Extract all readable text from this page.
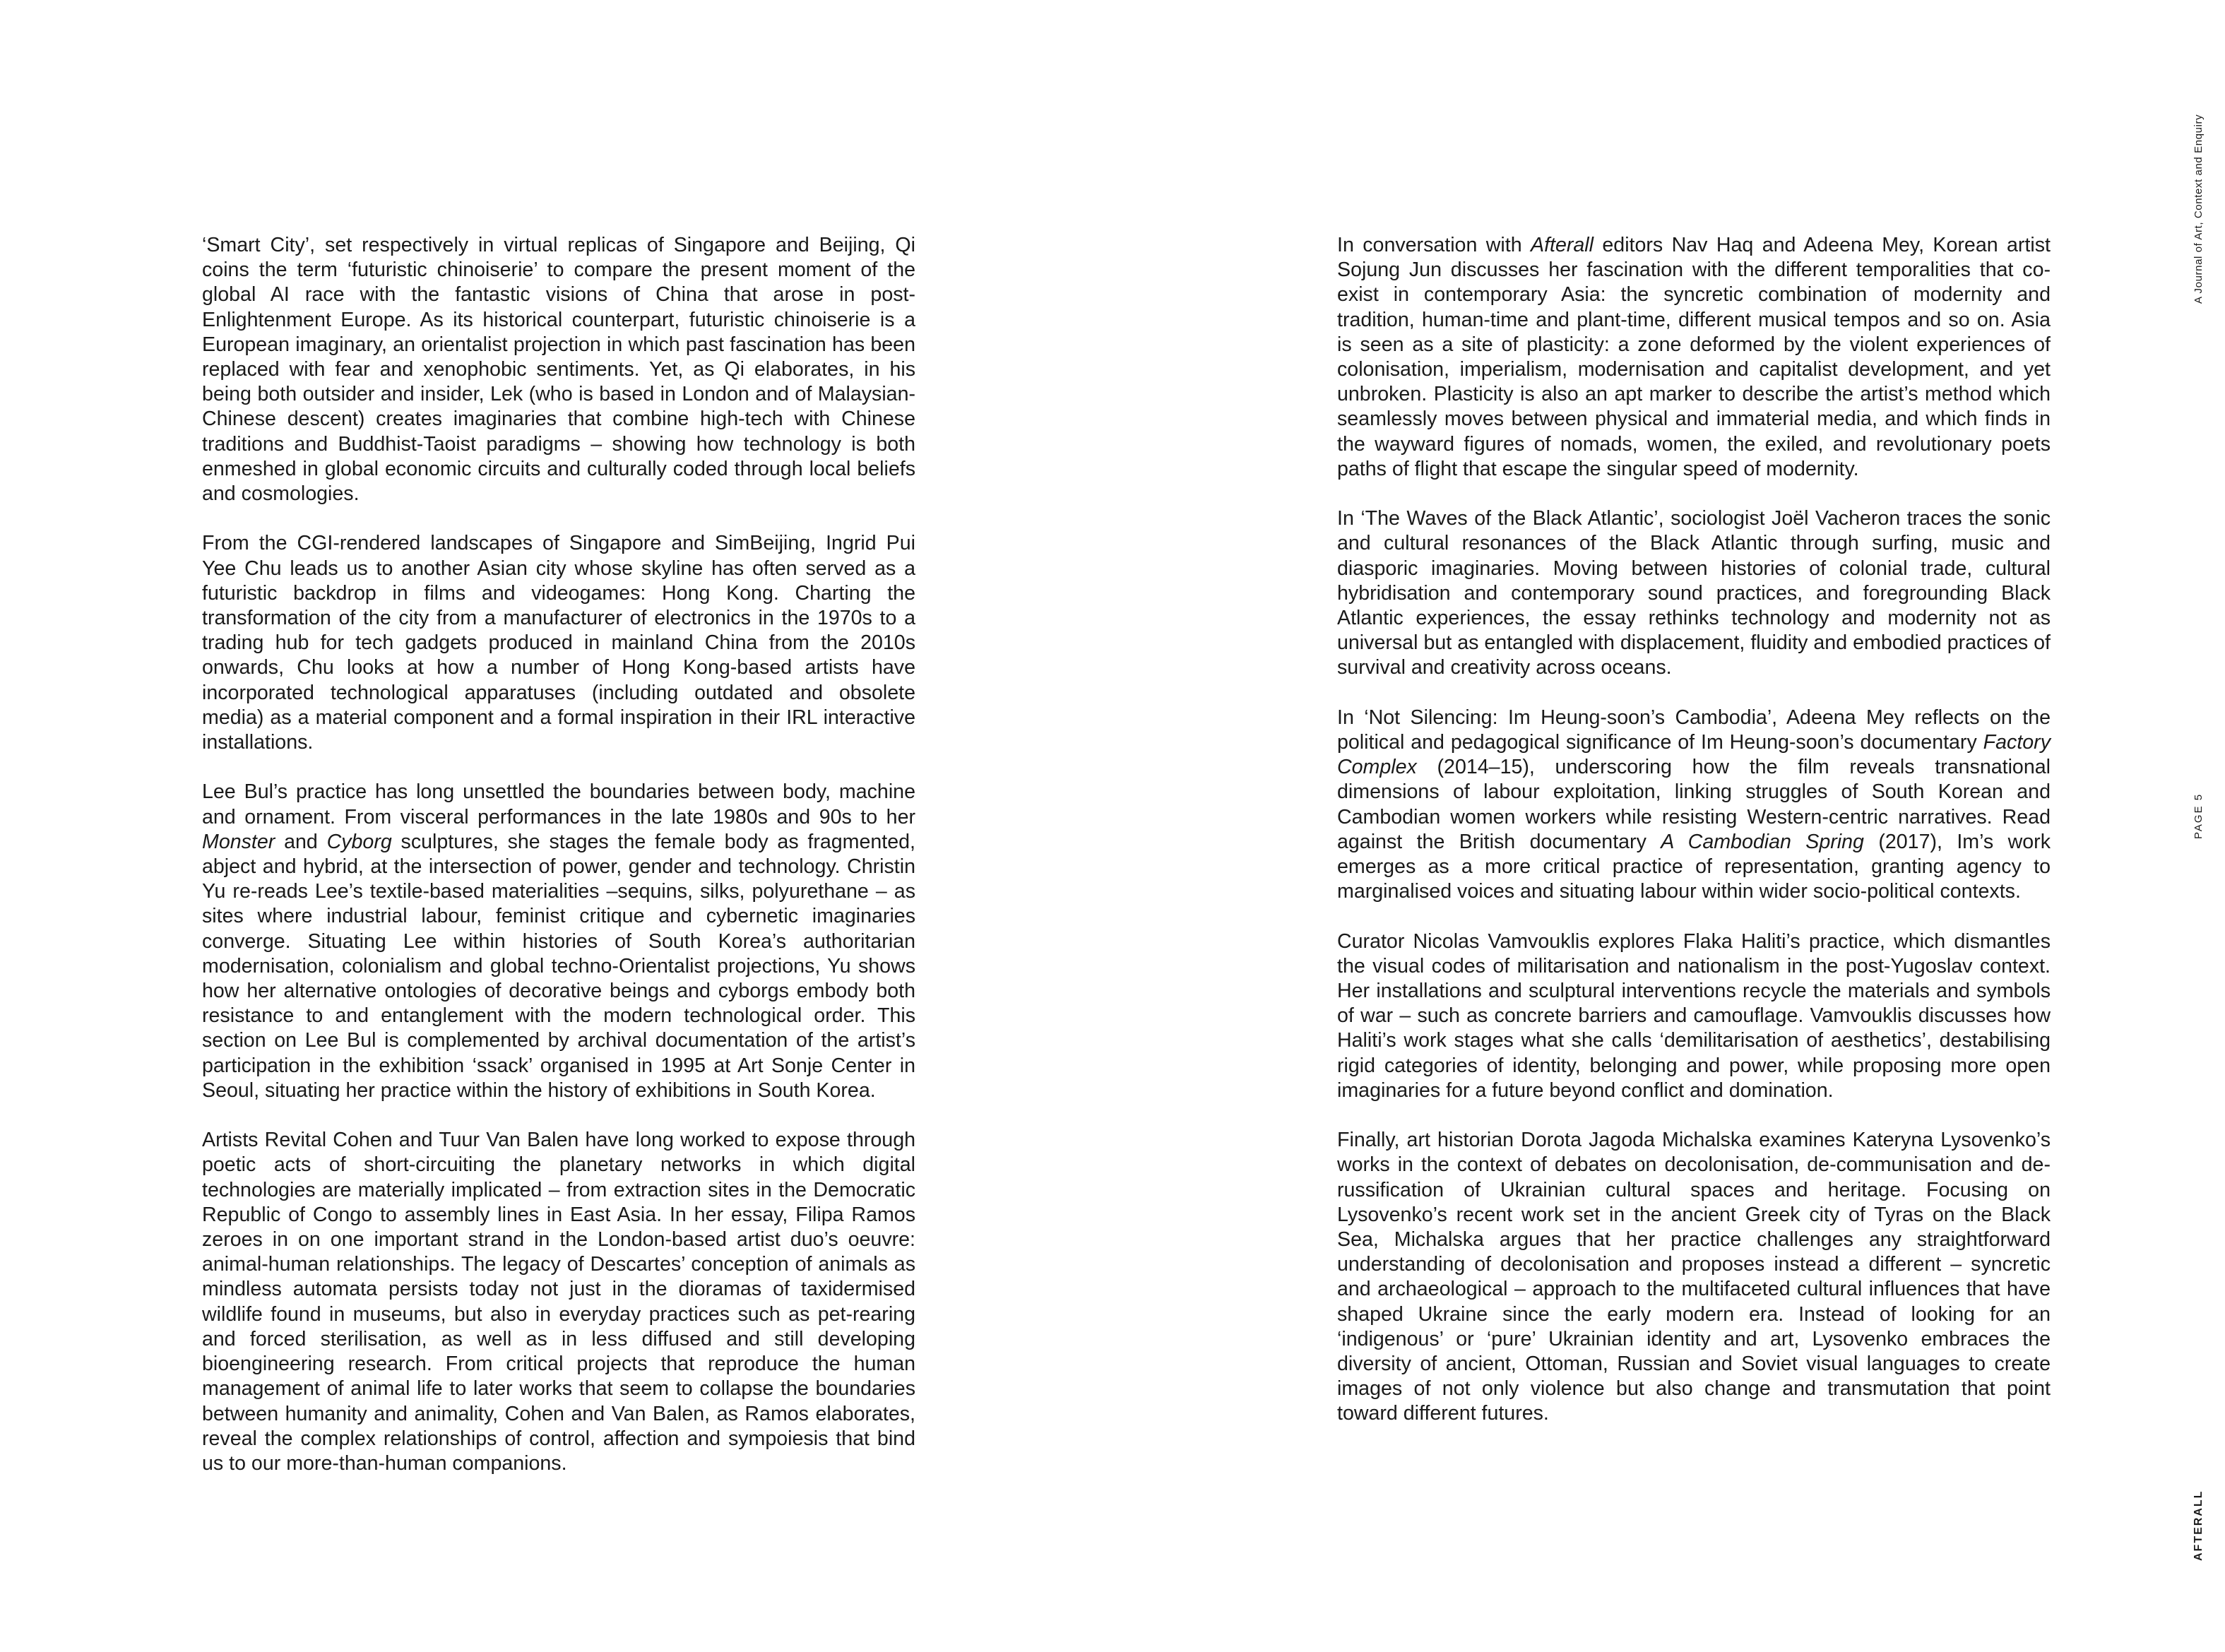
‘Smart City’, set respectively in virtual replicas of Singapore and Beijing, Qi coins the term ‘futuristic chinoiserie’ to compare the present moment of the global AI race with the fantastic visions of China that arose in post-Enlightenment Europe. As its historical counterpart, futuristic chinoiserie is a European imaginary, an orientalist projection in which past fascination has been replaced with fear and xenophobic sentiments. Yet, as Qi elaborates, in his being both outsider and insider, Lek (who is based in London and of Malaysian-Chinese descent) creates imaginaries that combine high-tech with Chinese traditions and Buddhist-Taoist paradigms – showing how technology is both enmeshed in global economic circuits and culturally coded through local beliefs and cosmologies.

From the CGI-rendered landscapes of Singapore and SimBeijing, Ingrid Pui Yee Chu leads us to another Asian city whose skyline has often served as a futuristic backdrop in films and videogames: Hong Kong. Charting the transformation of the city from a manufacturer of electronics in the 1970s to a trading hub for tech gadgets produced in mainland China from the 2010s onwards, Chu looks at how a number of Hong Kong-based artists have incorporated technological apparatuses (including outdated and obsolete media) as a material component and a formal inspiration in their IRL interactive installations.

Lee Bul’s practice has long unsettled the boundaries between body, machine and ornament. From visceral performances in the late 1980s and 90s to her Monster and Cyborg sculptures, she stages the female body as fragmented, abject and hybrid, at the intersection of power, gender and technology. Christin Yu re-reads Lee’s textile-based materialities –sequins, silks, polyurethane – as sites where industrial labour, feminist critique and cybernetic imaginaries converge. Situating Lee within histories of South Korea’s authoritarian modernisation, colonialism and global techno-Orientalist projections, Yu shows how her alternative ontologies of decorative beings and cyborgs embody both resistance to and entanglement with the modern technological order. This section on Lee Bul is complemented by archival documentation of the artist’s participation in the exhibition ‘ssack’ organised in 1995 at Art Sonje Center in Seoul, situating her practice within the history of exhibitions in South Korea.

Artists Revital Cohen and Tuur Van Balen have long worked to expose through poetic acts of short-circuiting the planetary networks in which digital technologies are materially implicated – from extraction sites in the Democratic Republic of Congo to assembly lines in East Asia. In her essay, Filipa Ramos zeroes in on one important strand in the London-based artist duo’s oeuvre: animal-human relationships. The legacy of Descartes’ conception of animals as mindless automata persists today not just in the dioramas of taxidermised wildlife found in museums, but also in everyday practices such as pet-rearing and forced sterilisation, as well as in less diffused and still developing bioengineering research. From critical projects that reproduce the human management of animal life to later works that seem to collapse the boundaries between humanity and animality, Cohen and Van Balen, as Ramos elaborates, reveal the complex relationships of control, affection and sympoiesis that bind us to our more-than-human companions.

In conversation with Afterall editors Nav Haq and Adeena Mey, Korean artist Sojung Jun discusses her fascination with the different temporalities that co-exist in contemporary Asia: the syncretic combination of modernity and tradition, human-time and plant-time, different musical tempos and so on. Asia is seen as a site of plasticity: a zone deformed by the violent experiences of colonisation, imperialism, modernisation and capitalist development, and yet unbroken. Plasticity is also an apt marker to describe the artist’s method which seamlessly moves between physical and immaterial media, and which finds in the wayward figures of nomads, women, the exiled, and revolutionary poets paths of flight that escape the singular speed of modernity.

In ‘The Waves of the Black Atlantic’, sociologist Joël Vacheron traces the sonic and cultural resonances of the Black Atlantic through surfing, music and diasporic imaginaries. Moving between histories of colonial trade, cultural hybridisation and contemporary sound practices, and foregrounding Black Atlantic experiences, the essay rethinks technology and modernity not as universal but as entangled with displacement, fluidity and embodied practices of survival and creativity across oceans.

In ‘Not Silencing: Im Heung-soon’s Cambodia’, Adeena Mey reflects on the political and pedagogical significance of Im Heung-soon’s documentary Factory Complex (2014–15), underscoring how the film reveals transnational dimensions of labour exploitation, linking struggles of South Korean and Cambodian women workers while resisting Western-centric narratives. Read against the British documentary A Cambodian Spring (2017), Im’s work emerges as a more critical practice of representation, granting agency to marginalised voices and situating labour within wider socio-political contexts.

Curator Nicolas Vamvouklis explores Flaka Haliti’s practice, which dismantles the visual codes of militarisation and nationalism in the post-Yugoslav context. Her installations and sculptural interventions recycle the materials and symbols of war – such as concrete barriers and camouflage. Vamvouklis discusses how Haliti’s work stages what she calls ‘demilitarisation of aesthetics’, destabilising rigid categories of identity, belonging and power, while proposing more open imaginaries for a future beyond conflict and domination.

Finally, art historian Dorota Jagoda Michalska examines Kateryna Lysovenko’s works in the context of debates on decolonisation, de-communisation and de-russification of Ukrainian cultural spaces and heritage. Focusing on Lysovenko’s recent work set in the ancient Greek city of Tyras on the Black Sea, Michalska argues that her practice challenges any straightforward understanding of decolonisation and proposes instead a different – syncretic and archaeological – approach to the multifaceted cultural influences that have shaped Ukraine since the early modern era. Instead of looking for an ‘indigenous’ or ‘pure’ Ukrainian identity and art, Lysovenko embraces the diversity of ancient, Ottoman, Russian and Soviet visual languages to create images of not only violence but also change and transmutation that point toward different futures.

A Journal of Art, Context and Enquiry
PAGE 5
AFTERALL
